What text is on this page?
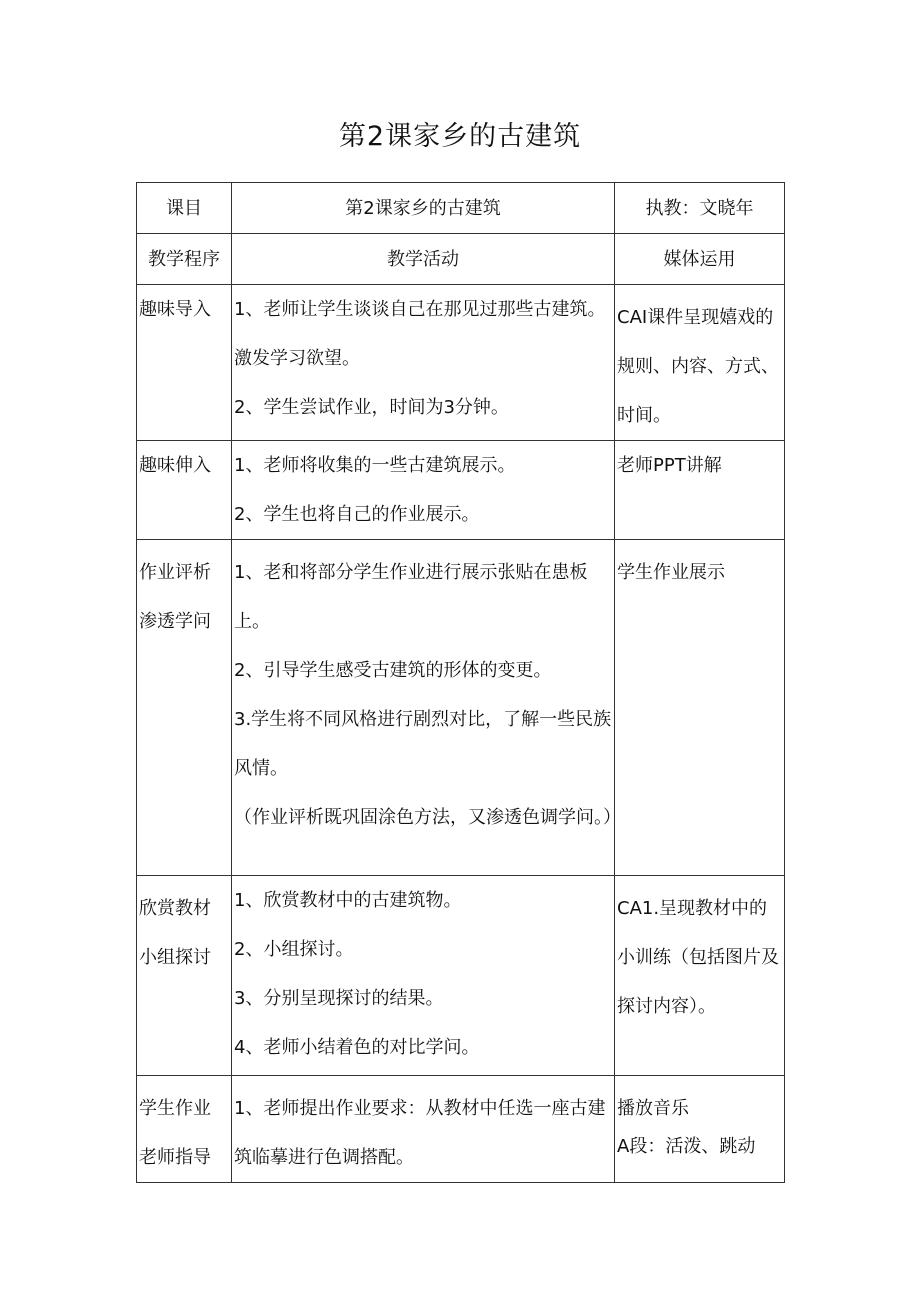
第2课家乡的古建筑
课目	第2课家乡的古建筑	执教：文晓年
教学程序	教学活动	媒体运用

趣味导入	1、老师让学生谈谈自己在那见过那些古建筑。激发学习欲望。
2、学生尝试作业，时间为3分钟。	CAI课件呈现嬉戏的规则、内容、方式、时间。

趣味伸入	1、老师将收集的一些古建筑展示。
2、学生也将自己的作业展示。	老师PPT讲解

作业评析
渗透学问	1、老和将部分学生作业进行展示张贴在患板上。
2、引导学生感受古建筑的形体的变更。
3.学生将不同风格进行剧烈对比，了解一些民族风情。
（作业评析既巩固涂色方法，又渗透色调学问。）	学生作业展示

欣赏教材
小组探讨	1、欣赏教材中的古建筑物。
2、小组探讨。
3、分别呈现探讨的结果。
4、老师小结着色的对比学问。	CA1.呈现教材中的小训练（包括图片及探讨内容）。

学生作业
老师指导	1、老师提出作业要求：从教材中任选一座古建筑临摹进行色调搭配。	播放音乐
A段：活泼、跳动
